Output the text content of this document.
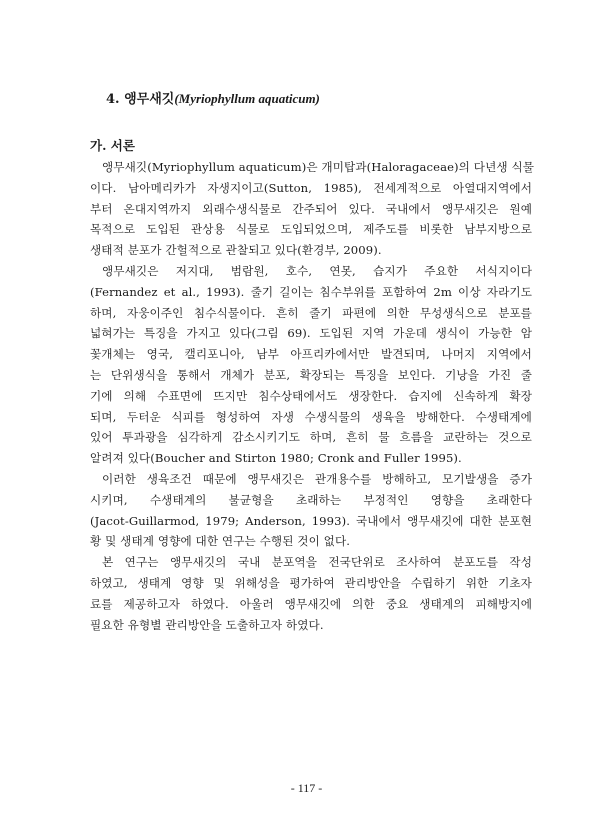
4. 앵무새깃(Myriophyllum aquaticum)
가. 서론
앵무새깃(Myriophyllum aquaticum)은 개미탑과(Haloragaceae)의 다년생 식물
이다. 남아메리카가 자생지이고(Sutton, 1985), 전세계적으로 아열대지역에서
부터 온대지역까지 외래수생식물로 간주되어 있다. 국내에서 앵무새깃은 원예
목적으로 도입된 관상용 식물로 도입되었으며, 제주도를 비롯한 남부지방으로
생태적 분포가 간헐적으로 관찰되고 있다(환경부, 2009).
앵무새깃은 저지대, 범람원, 호수, 연못, 습지가 주요한 서식지이다
(Fernandez et al., 1993). 줄기 길이는 침수부위를 포함하여 2m 이상 자라기도
하며, 자웅이주인 침수식물이다. 흔히 줄기 파편에 의한 무성생식으로 분포를
넓혀가는 특징을 가지고 있다(그림 69). 도입된 지역 가운데 생식이 가능한 암
꽃개체는 영국, 캘리포니아, 남부 아프리카에서만 발견되며, 나머지 지역에서
는 단위생식을 통해서 개체가 분포, 확장되는 특징을 보인다. 기낭을 가진 줄
기에 의해 수표면에 뜨지만 침수상태에서도 생장한다. 습지에 신속하게 확장
되며, 두터운 식피를 형성하여 자생 수생식물의 생육을 방해한다. 수생태계에
있어 투과광을 심각하게 감소시키기도 하며, 흔히 물 흐름을 교란하는 것으로
알려져 있다(Boucher and Stirton 1980; Cronk and Fuller 1995).
이러한 생육조건 때문에 앵무새깃은 관개용수를 방해하고, 모기발생을 증가
시키며, 수생태계의 불균형을 초래하는 부정적인 영향을 초래한다
(Jacot-Guillarmod, 1979; Anderson, 1993). 국내에서 앵무새깃에 대한 분포현
황 및 생태계 영향에 대한 연구는 수행된 것이 없다.
본 연구는 앵무새깃의 국내 분포역을 전국단위로 조사하여 분포도를 작성
하였고, 생태계 영향 및 위해성을 평가하여 관리방안을 수립하기 위한 기초자
료를 제공하고자 하였다. 아울러 앵무새깃에 의한 중요 생태계의 피해방지에
필요한 유형별 관리방안을 도출하고자 하였다.
- 117 -
